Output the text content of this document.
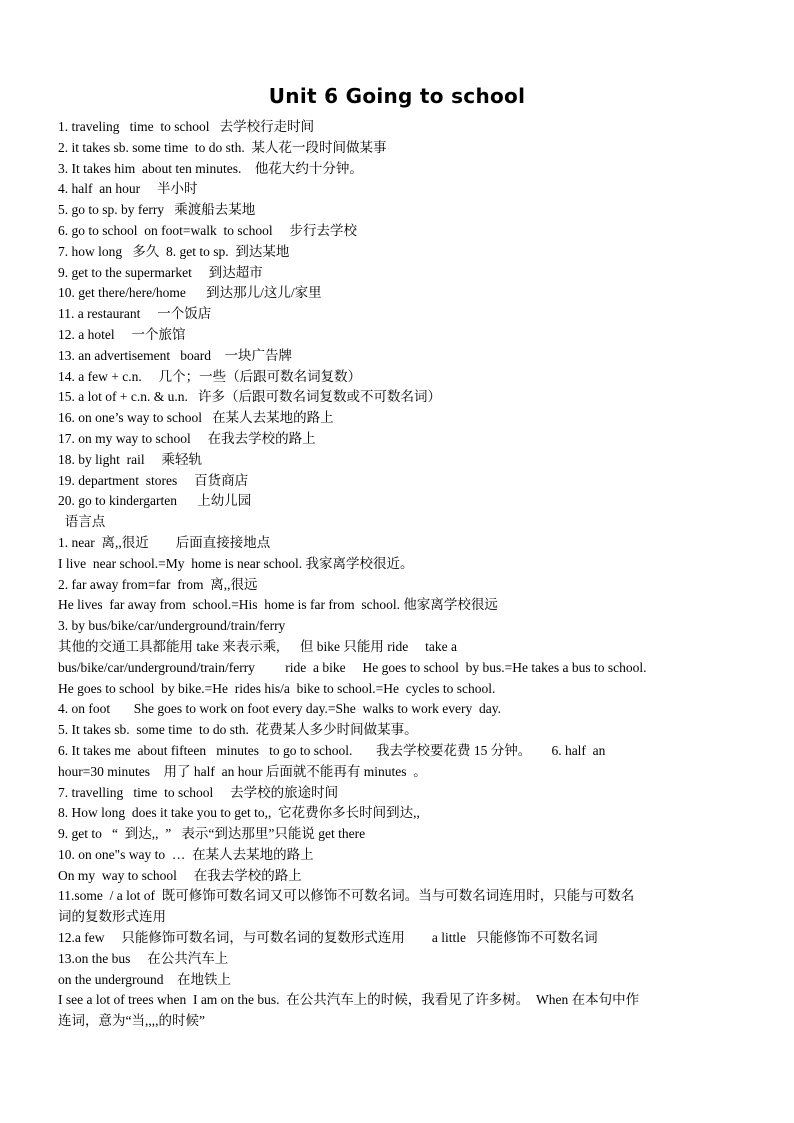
Unit 6 Going to school
1. traveling   time  to school   去学校行走时间
2. it takes sb. some time  to do sth.  某人花一段时间做某事
3. It takes him  about ten minutes.    他花大约十分钟。
4. half  an hour     半小时
5. go to sp. by ferry   乘渡船去某地
6. go to school  on foot=walk  to school     步行去学校
7. how long   多久  8. get to sp.  到达某地
9. get to the supermarket     到达超市
10. get there/here/home      到达那儿/这儿/家里
11. a restaurant     一个饭店
12. a hotel     一个旅馆
13. an advertisement   board    一块广告牌
14. a few + c.n.     几个；一些（后跟可数名词复数）
15. a lot of + c.n. & u.n.   许多（后跟可数名词复数或不可数名词）
16. on one’s way to school   在某人去某地的路上
17. on my way to school     在我去学校的路上
18. by light  rail     乘轻轨
19. department  stores     百货商店
20. go to kindergarten      上幼儿园
语言点
1. near  离,,很近        后面直接接地点
I live  near school.=My  home is near school. 我家离学校很近。
2. far away from=far  from  离,,很远
He lives  far away from  school.=His  home is far from  school. 他家离学校很远
3. by bus/bike/car/underground/train/ferry
其他的交通工具都能用 take 来表示乘,      但 bike 只能用 ride     take a
bus/bike/car/underground/train/ferry         ride  a bike     He goes to school  by bus.=He takes a bus to school.
He goes to school  by bike.=He  rides his/a  bike to school.=He  cycles to school.
4. on foot       She goes to work on foot every day.=She  walks to work every  day.
5. It takes sb.  some time  to do sth.  花费某人多少时间做某事。
6. It takes me  about fifteen   minutes   to go to school.       我去学校要花费 15 分钟。      6. half  an
hour=30 minutes    用了 half  an hour 后面就不能再有 minutes  。
7. travelling   time  to school     去学校的旅途时间
8. How long  does it take you to get to,,  它花费你多长时间到达,,
9. get to   “  到达,,  ”   表示“到达那里”只能说 get there
10. on one"s way to  …  在某人去某地的路上
On my  way to school     在我去学校的路上
11.some  / a lot of  既可修饰可数名词又可以修饰不可数名词。当与可数名词连用时，只能与可数名
词的复数形式连用
12.a few     只能修饰可数名词，与可数名词的复数形式连用        a little   只能修饰不可数名词
13.on the bus     在公共汽车上
on the underground    在地铁上
I see a lot of trees when  I am on the bus.  在公共汽车上的时候，我看见了许多树。  When 在本句中作
连词，意为“当,,,,的时候”
